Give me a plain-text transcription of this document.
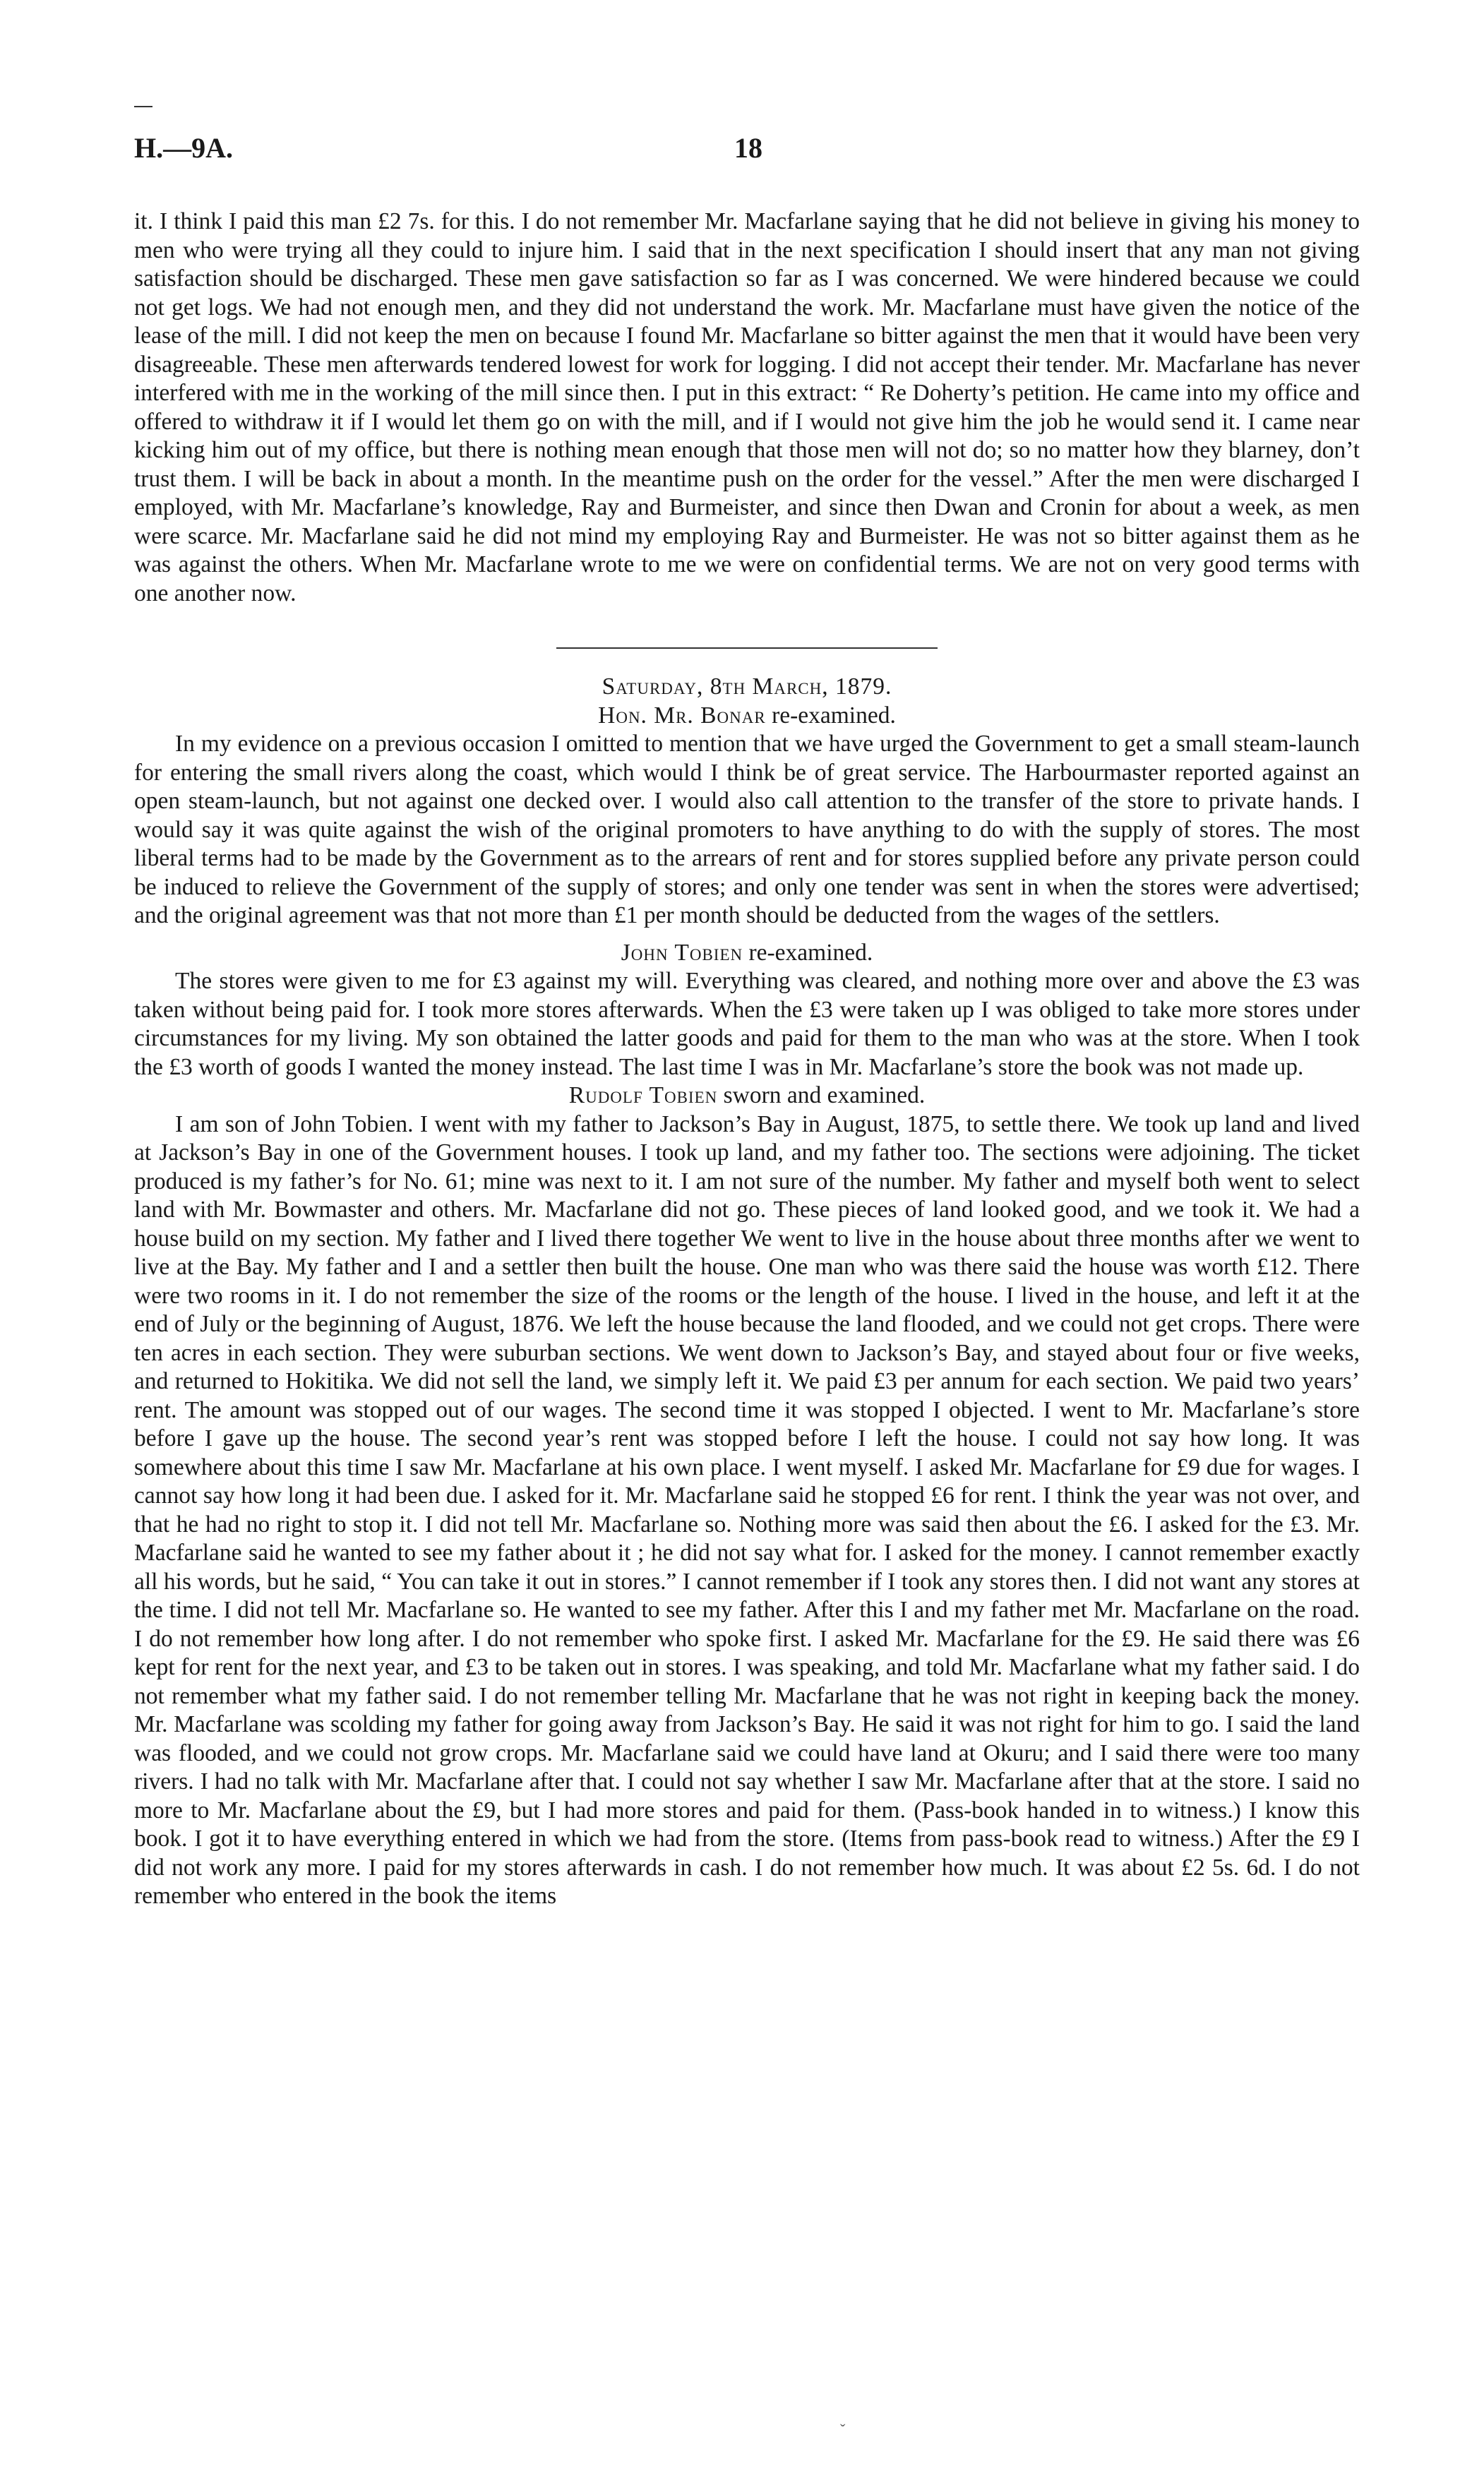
H.—9A.	18

it. I think I paid this man £2 7s. for this. I do not remember Mr. Macfarlane saying that he did not believe in giving his money to men who were trying all they could to injure him. I said that in the next specification I should insert that any man not giving satisfaction should be discharged. These men gave satisfaction so far as I was concerned. We were hindered because we could not get logs. We had not enough men, and they did not understand the work. Mr. Macfarlane must have given the notice of the lease of the mill. I did not keep the men on because I found Mr. Macfarlane so bitter against the men that it would have been very disagreeable. These men afterwards tendered lowest for work for logging. I did not accept their tender. Mr. Macfarlane has never interfered with me in the working of the mill since then. I put in this extract: “ Re Doherty’s petition. He came into my office and offered to withdraw it if I would let them go on with the mill, and if I would not give him the job he would send it. I came near kicking him out of my office, but there is nothing mean enough that those men will not do; so no matter how they blarney, don’t trust them. I will be back in about a month. In the meantime push on the order for the vessel.” After the men were discharged I employed, with Mr. Macfarlane’s knowledge, Ray and Burmeister, and since then Dwan and Cronin for about a week, as men were scarce. Mr. Macfarlane said he did not mind my employing Ray and Burmeister. He was not so bitter against them as he was against the others. When Mr. Macfarlane wrote to me we were on confidential terms. We are not on very good terms with one another now.

Saturday, 8th March, 1879.

Hon. Mr. Bonar re-examined.

In my evidence on a previous occasion I omitted to mention that we have urged the Government to get a small steam-launch for entering the small rivers along the coast, which would I think be of great service. The Harbourmaster reported against an open steam-launch, but not against one decked over. I would also call attention to the transfer of the store to private hands. I would say it was quite against the wish of the original promoters to have anything to do with the supply of stores. The most liberal terms had to be made by the Government as to the arrears of rent and for stores supplied before any private person could be induced to relieve the Government of the supply of stores; and only one tender was sent in when the stores were advertised; and the original agreement was that not more than £1 per month should be deducted from the wages of the settlers.

John Tobien re-examined.

The stores were given to me for £3 against my will. Everything was cleared, and nothing more over and above the £3 was taken without being paid for. I took more stores afterwards. When the £3 were taken up I was obliged to take more stores under circumstances for my living. My son obtained the latter goods and paid for them to the man who was at the store. When I took the £3 worth of goods I wanted the money instead. The last time I was in Mr. Macfarlane’s store the book was not made up.

Rudolf Tobien sworn and examined.

I am son of John Tobien. I went with my father to Jackson’s Bay in August, 1875, to settle there. We took up land and lived at Jackson’s Bay in one of the Government houses. I took up land, and my father too. The sections were adjoining. The ticket produced is my father’s for No. 61; mine was next to it. I am not sure of the number. My father and myself both went to select land with Mr. Bowmaster and others. Mr. Macfarlane did not go. These pieces of land looked good, and we took it. We had a house build on my section. My father and I lived there together We went to live in the house about three months after we went to live at the Bay. My father and I and a settler then built the house. One man who was there said the house was worth £12. There were two rooms in it. I do not remember the size of the rooms or the length of the house. I lived in the house, and left it at the end of July or the beginning of August, 1876. We left the house because the land flooded, and we could not get crops. There were ten acres in each section. They were suburban sections. We went down to Jackson’s Bay, and stayed about four or five weeks, and returned to Hokitika. We did not sell the land, we simply left it. We paid £3 per annum for each section. We paid two years’ rent. The amount was stopped out of our wages. The second time it was stopped I objected. I went to Mr. Macfarlane’s store before I gave up the house. The second year’s rent was stopped before I left the house. I could not say how long. It was somewhere about this time I saw Mr. Macfarlane at his own place. I went myself. I asked Mr. Macfarlane for £9 due for wages. I cannot say how long it had been due. I asked for it. Mr. Macfarlane said he stopped £6 for rent. I think the year was not over, and that he had no right to stop it. I did not tell Mr. Macfarlane so. Nothing more was said then about the £6. I asked for the £3. Mr. Macfarlane said he wanted to see my father about it ; he did not say what for. I asked for the money. I cannot remember exactly all his words, but he said, “ You can take it out in stores.” I cannot remember if I took any stores then. I did not want any stores at the time. I did not tell Mr. Macfarlane so. He wanted to see my father. After this I and my father met Mr. Macfarlane on the road. I do not remember how long after. I do not remember who spoke first. I asked Mr. Macfarlane for the £9. He said there was £6 kept for rent for the next year, and £3 to be taken out in stores. I was speaking, and told Mr. Macfarlane what my father said. I do not remember what my father said. I do not remember telling Mr. Macfarlane that he was not right in keeping back the money. Mr. Macfarlane was scolding my father for going away from Jackson’s Bay. He said it was not right for him to go. I said the land was flooded, and we could not grow crops. Mr. Macfarlane said we could have land at Okuru; and I said there were too many rivers. I had no talk with Mr. Macfarlane after that. I could not say whether I saw Mr. Macfarlane after that at the store. I said no more to Mr. Macfarlane about the £9, but I had more stores and paid for them. (Pass-book handed in to witness.) I know this book. I got it to have everything entered in which we had from the store. (Items from pass-book read to witness.) After the £9 I did not work any more. I paid for my stores afterwards in cash. I do not remember how much. It was about £2 5s. 6d. I do not remember who entered in the book the items

ˬ
